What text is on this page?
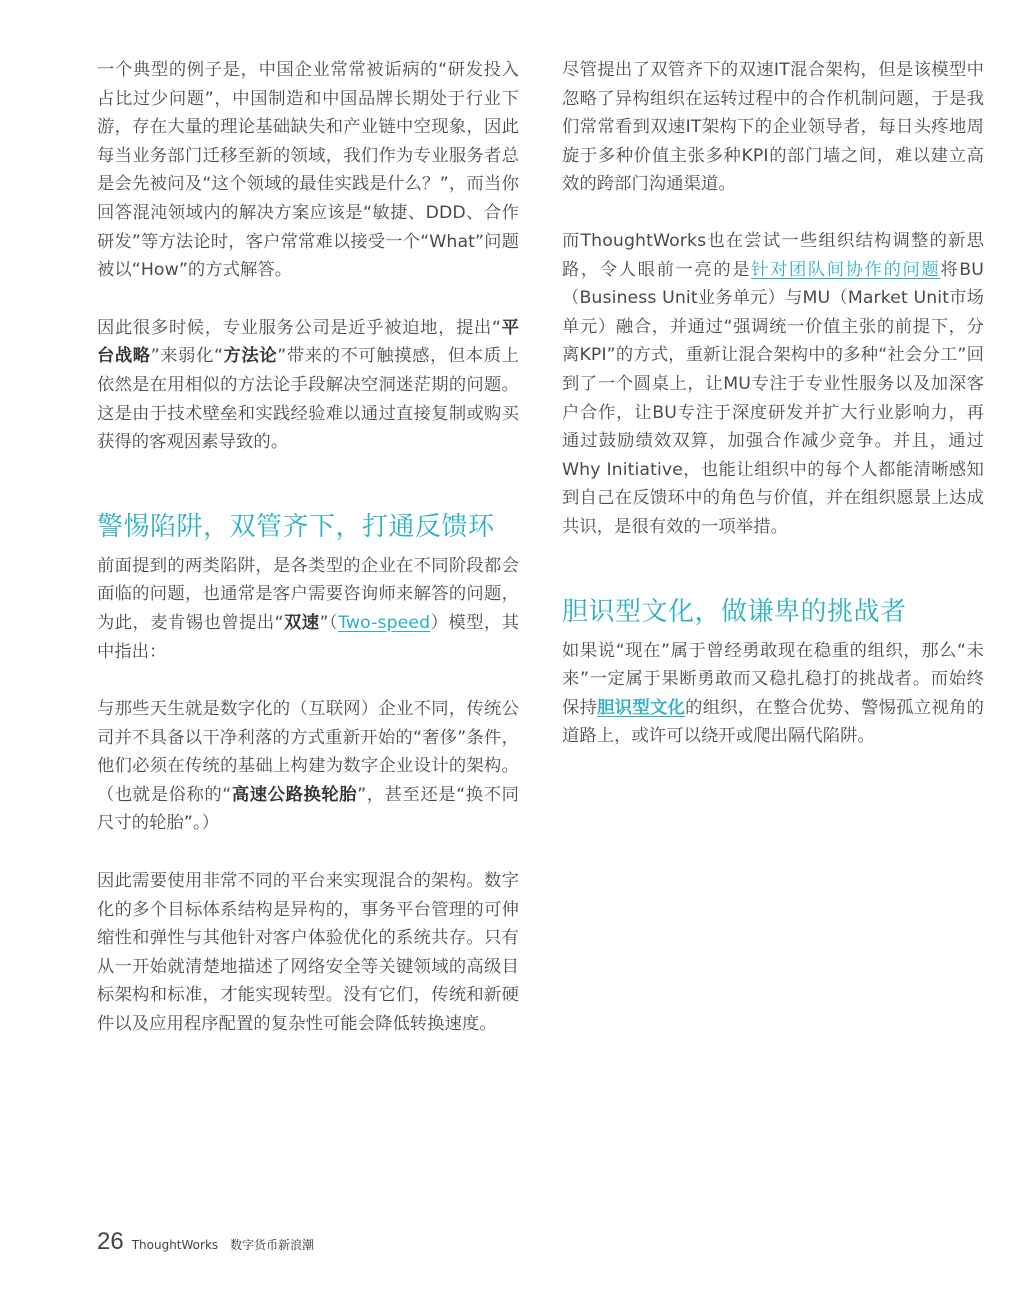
一个典型的例子是，中国企业常常被诟病的“研发投入占比过少问题”，中国制造和中国品牌长期处于行业下游，存在大量的理论基础缺失和产业链中空现象，因此每当业务部门迁移至新的领域，我们作为专业服务者总是会先被问及“这个领域的最佳实践是什么？”，而当你回答混沌领域内的解决方案应该是“敏捷、DDD、合作研发”等方法论时，客户常常难以接受一个“What”问题被以“How”的方式解答。

因此很多时候，专业服务公司是近乎被迫地，提出“平台战略”来弱化“方法论”带来的不可触摸感，但本质上依然是在用相似的方法论手段解决空洞迷茫期的问题。这是由于技术壁垒和实践经验难以通过直接复制或购买获得的客观因素导致的。

警惕陷阱，双管齐下，打通反馈环

前面提到的两类陷阱，是各类型的企业在不同阶段都会面临的问题，也通常是客户需要咨询师来解答的问题，为此，麦肯锡也曾提出“双速”（Two-speed）模型，其中指出：

与那些天生就是数字化的（互联网）企业不同，传统公司并不具备以干净利落的方式重新开始的“奢侈”条件，他们必须在传统的基础上构建为数字企业设计的架构。（也就是俗称的“高速公路换轮胎”，甚至还是“换不同尺寸的轮胎”。）

因此需要使用非常不同的平台来实现混合的架构。数字化的多个目标体系结构是异构的，事务平台管理的可伸缩性和弹性与其他针对客户体验优化的系统共存。只有从一开始就清楚地描述了网络安全等关键领域的高级目标架构和标准，才能实现转型。没有它们，传统和新硬件以及应用程序配置的复杂性可能会降低转换速度。

尽管提出了双管齐下的双速IT混合架构，但是该模型中忽略了异构组织在运转过程中的合作机制问题，于是我们常常看到双速IT架构下的企业领导者，每日头疼地周旋于多种价值主张多种KPI的部门墙之间，难以建立高效的跨部门沟通渠道。

而ThoughtWorks也在尝试一些组织结构调整的新思路，令人眼前一亮的是针对团队间协作的问题将BU（Business Unit业务单元）与MU（Market Unit市场单元）融合，并通过“强调统一价值主张的前提下，分离KPI”的方式，重新让混合架构中的多种“社会分工”回到了一个圆桌上，让MU专注于专业性服务以及加深客户合作，让BU专注于深度研发并扩大行业影响力，再通过鼓励绩效双算，加强合作减少竞争。并且，通过Why Initiative，也能让组织中的每个人都能清晰感知到自己在反馈环中的角色与价值，并在组织愿景上达成共识，是很有效的一项举措。

胆识型文化，做谦卑的挑战者

如果说“现在”属于曾经勇敢现在稳重的组织，那么“未来”一定属于果断勇敢而又稳扎稳打的挑战者。而始终保持胆识型文化的组织，在整合优势、警惕孤立视角的道路上，或许可以绕开或爬出隔代陷阱。

26 ThoughtWorks 数字货币新浪潮
